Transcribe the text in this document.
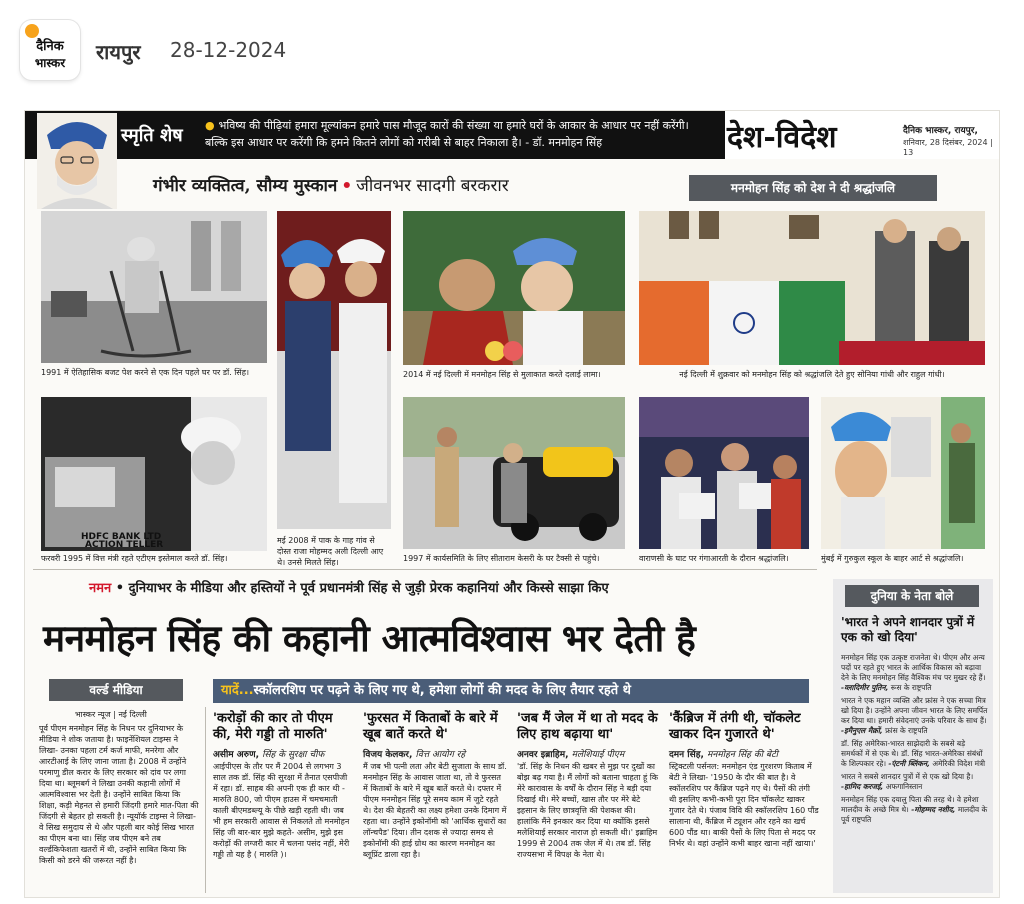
दैनिक
भास्कर	रायपुर 28-12-2024
स्मृति शेष ● भविष्य की पीढ़ियां हमारा मूल्यांकन हमारे पास मौजूद कारों की संख्या या हमारे घरों के आकार के आधार पर नहीं करेंगी। बल्कि इस आधार पर करेंगी कि हमने कितने लोगों को गरीबी से बाहर निकाला है। - डॉ. मनमोहन सिंह	देश-विदेश	दैनिक भास्कर, रायपुर,
शनिवार, 28 दिसंबर, 2024 | 13
गंभीर व्यक्तित्व, सौम्य मुस्कान • जीवनभर सादगी बरकरार	मनमोहन सिंह को देश ने दी श्रद्धांजलि
1991 में ऐतिहासिक बजट पेश करने से एक दिन पहले घर पर डॉ. सिंह।
HDFC BANK LTD
ACTION TELLER
फरवरी 1995 में वित्त मंत्री रहते एटीएम इस्तेमाल करते डॉ. सिंह।
मई 2008 में पाक के गाह गांव से दोस्त राजा मोहम्मद अली दिल्ली आए थे। उनसे मिलते सिंह।
2014 में नई दिल्ली में मनमोहन सिंह से मुलाकात करते दलाई लामा।
1997 में कार्यसमिति के लिए सीताराम केसरी के घर टैक्सी से पहुंचे।
नई दिल्ली में शुक्रवार को मनमोहन सिंह को श्रद्धांजलि देते हुए सोनिया गांधी और राहुल गांधी।
वाराणसी के घाट पर गंगाआरती के दौरान श्रद्धांजलि।	मुंबई में गुरुकुल स्कूल के बाहर आर्ट से श्रद्धांजलि।
नमन • दुनियाभर के मीडिया और हस्तियों ने पूर्व प्रधानमंत्री सिंह से जुड़ी प्रेरक कहानियां और किस्से साझा किए
मनमोहन सिंह की कहानी आत्मविश्वास भर देती है
वर्ल्ड मीडिया	यादें...स्कॉलरशिप पर पढ़ने के लिए गए थे, हमेशा लोगों की मदद के लिए तैयार रहते थे
भास्कर न्यूज | नई दिल्ली
पूर्व पीएम मनमोहन सिंह के निधन पर दुनियाभर के मीडिया ने शोक जताया है। फाइनेंशियल टाइम्स ने लिखा- उनका पहला टर्म कर्ज माफी, मनरेगा और आरटीआई के लिए जाना जाता है। 2008 में उन्होंने परमाणु डील करार के लिए सरकार को दांव पर लगा दिया था। ब्लूमबर्ग ने लिखा उनकी कहानी लोगों में आत्मविश्वास भर देती है। उन्होंने साबित किया कि शिक्षा, कड़ी मेहनत से हमारी जिंदगी हमारे मात-पिता की जिंदगी से बेहतर हो सकती है। न्यूयॉर्क टाइम्स ने लिखा- वे सिख समुदाय से थे और पहली बार कोई सिख भारत का पीएम बना था। सिंह जब पीएम बने तब वर्ल्डकिफेशता खतरों में थी, उन्होंने साबित किया कि किसी को डरने की जरूरत नहीं है।
'करोड़ों की कार तो पीएम की, मेरी गड्डी तो मारुति'
असीम अरुण, सिंह के सुरक्षा चीफ
आईपीएस के तौर पर मैं 2004 से लगभग 3 साल तक डॉ. सिंह की सुरक्षा में तैनात एसपीजी में रहा। डॉ. साहब की अपनी एक ही कार थी - मारुति 800, जो पीएम हाउस में चमचमाती काली बीएमडब्ल्यू के पीछे खड़ी रहती थी। जब भी हम सरकारी आवास से निकलते तो मनमोहन सिंह जी बार-बार मुझे कहते- असीम, मुझे इस करोड़ों की लग्जरी कार में चलना पसंद नहीं, मेरी गड्डी तो यह है ( मारुति )।
'फुरसत में किताबों के बारे में खूब बातें करते थे'
विजय केलकर, वित्त आयोग रहे
मैं जब भी पत्नी लता और बेटी सुजाता के साथ डॉ. मनमोहन सिंह के आवास जाता था, तो वे फुरसत में किताबों के बारे में खूब बातें करते थे। दफ्तर में पीएम मनमोहन सिंह पूरे समय काम में जुटे रहते थे। देश की बेहतरी का लक्ष्य हमेशा उनके दिमाग में रहता था। उन्होंने इकोनॉमी को 'आर्थिक सुधारों का लॉन्चपैड' दिया। तीन दशक से ज्यादा समय से इकोनॉमी की हाई ग्रोथ का कारण मनमोहन का ब्लूप्रिंट डाला रहा है।
'जब मैं जेल में था तो मदद के लिए हाथ बढ़ाया था'
अनवर इब्राहिम, मलेशियाई पीएम
'डॉ. सिंह के निधन की खबर से मुझ पर दुखों का बोझ बढ़ गया है। मैं लोगों को बताना चाहता हूं कि मेरे कारावास के वर्षों के दौरान सिंह ने बड़ी दया दिखाई थी। मेरे बच्चों, खास तौर पर मेरे बेटे इहसान के लिए छात्रवृत्ति की पेशकश की। हालांकि मैंने इनकार कर दिया था क्योंकि इससे मलेशियाई सरकार नाराज हो सकती थी।' इब्राहिम 1999 से 2004 तक जेल में थे। तब डॉ. सिंह राज्यसभा में विपक्ष के नेता थे।
'कैंब्रिज में तंगी थी, चॉकलेट खाकर दिन गुजारते थे'
दमन सिंह, मनमोहन सिंह की बेटी
स्ट्रिक्टली पर्सनल: मनमोहन एंड गुरशरण किताब में बेटी ने लिखा- '1950 के दौर की बात है। वे स्कॉलरशिप पर कैंब्रिज पढ़ने गए थे। पैसों की तंगी थी इसलिए कभी-कभी पूरा दिन चॉकलेट खाकर गुजार देते थे। पंजाब विवि की स्कॉलरशिप 160 पौंड सालाना थी, कैंब्रिज में ट्यूशन और रहने का खर्च 600 पौंड था। बाकी पैसों के लिए पिता से मदद पर निर्भर थे। वहां उन्होंने कभी बाहर खाना नहीं खाया।'
दुनिया के नेता बोले
'भारत ने अपने शानदार पुत्रों में एक को खो दिया'

मनमोहन सिंह एक उत्कृष्ट राजनेता थे। पीएम और अन्य पदों पर रहते हुए भारत के आर्थिक विकास को बढ़ावा देने के लिए मनमोहन सिंह वैश्विक मंच पर मुखर रहे हैं। -व्लादिमीर पुतिन, रूस के राष्ट्रपति

भारत ने एक महान व्यक्ति और फ्रांस ने एक सच्चा मित्र खो दिया है। उन्होंने अपना जीवन भारत के लिए समर्पित कर दिया था। हमारी संवेदनाएं उनके परिवार के साथ हैं। -इमैनुएल मैक्रों, फ्रांस के राष्ट्रपति

डॉ. सिंह अमेरिका-भारत साझेदारी के सबसे बड़े समर्थकों में से एक थे। डॉ. सिंह भारत-अमेरिका संबंधों के शिल्पकार रहे। -एंटनी ब्लिंकन, अमेरिकी विदेश मंत्री

भारत ने सबसे शानदार पुत्रों में से एक खो दिया है। -हामिद करजई, अफगानिस्तान

मनमोहन सिंह एक दयालु पिता की तरह थे। वे हमेशा मालदीव के अच्छे मित्र थे। -मोहम्मद नशीद, मालदीव के पूर्व राष्ट्रपति
